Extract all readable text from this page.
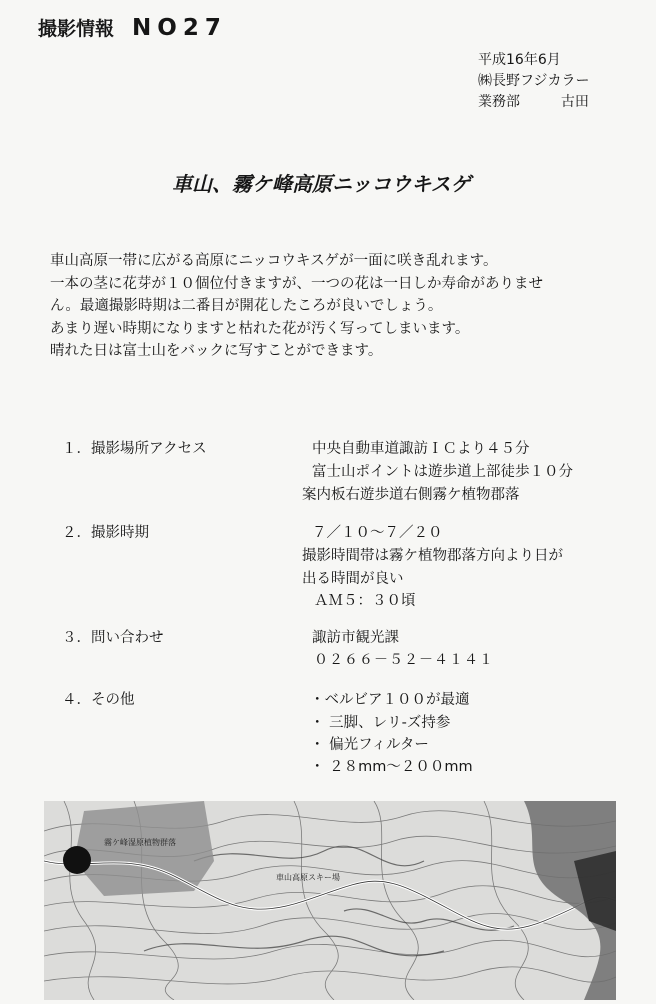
撮影情報 NO27
平成16年6月
㈱長野フジカラー
業務部	古田
車山、霧ケ峰高原ニッコウキスゲ

車山高原一帯に広がる高原にニッコウキスゲが一面に咲き乱れます。

一本の茎に花芽が１０個位付きますが、一つの花は一日しか寿命がありませ

ん。最適撮影時期は二番目が開花したころが良いでしょう。

あまり遅い時期になりますと枯れた花が汚く写ってしまいます。

晴れた日は富士山をバックに写すことができます。

１．撮影場所アクセス	中央自動車道諏訪ＩＣより４５分
富士山ポイントは遊歩道上部徒歩１０分
案内板右遊歩道右側霧ケ植物郡落
２．撮影時期	７／１０～７／２０
撮影時間帯は霧ケ植物郡落方向より日が
出る時間が良い
ＡＭ５：３０頃
３．問い合わせ	諏訪市観光課
０２６６－５２－４１４１
４．その他	・ベルビア１００が最適
・ 三脚、レリ-ズ持参
・ 偏光フィルター
・ ２８mm～２００mm
霧ケ峰湿原植物群落
車山高原スキー場
